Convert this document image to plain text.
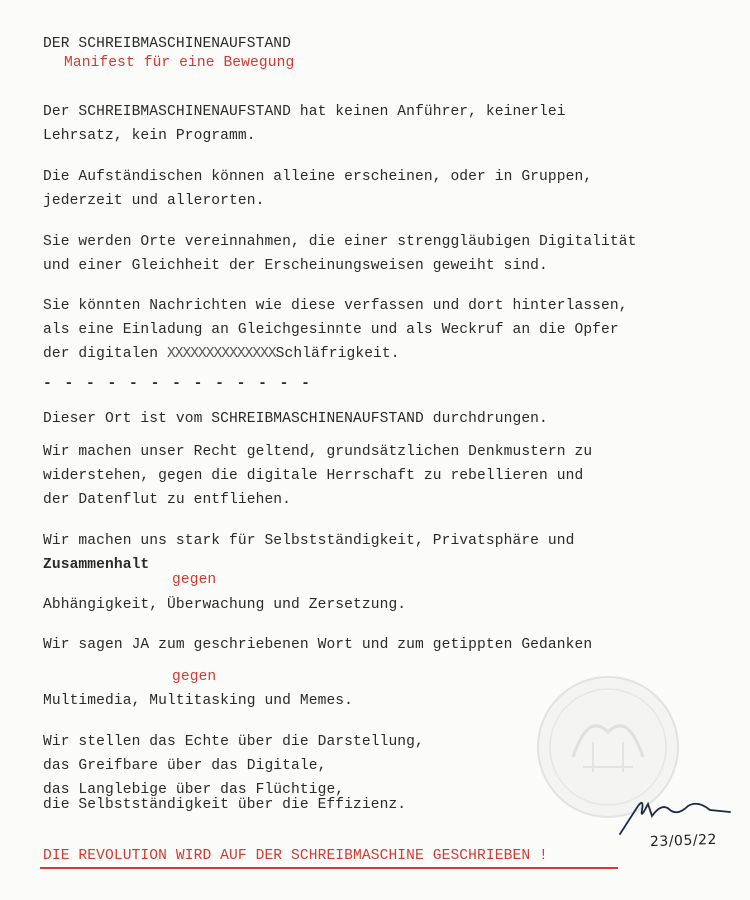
DER SCHREIBMASCHINENAUFSTAND
Manifest für eine Bewegung
Der SCHREIBMASCHINENAUFSTAND hat keinen Anführer, keinerlei
Lehrsatz, kein Programm.
Die Aufständischen können alleine erscheinen, oder in Gruppen,
jederzeit und allerorten.
Sie werden Orte vereinnahmen, die einer strenggläubigen Digitalität
und einer Gleichheit der Erscheinungsweisen geweiht sind.
Sie könnten Nachrichten wie diese verfassen und dort hinterlassen,
als eine Einladung an Gleichgesinnte und als Weckruf an die Opfer
der digitalen XXXXXXXXXXXXXXSchläfrigkeit.
- - - - - - - - - - - - -
Dieser Ort ist vom SCHREIBMASCHINENAUFSTAND durchdrungen.
Wir machen unser Recht geltend, grundsätzlichen Denkmustern zu
widerstehen, gegen die digitale Herrschaft zu rebellieren und
der Datenflut zu entfliehen.
Wir machen uns stark für Selbstständigkeit, Privatsphäre und
Zusammenhalt
gegen
Abhängigkeit, Überwachung und Zersetzung.
Wir sagen JA zum geschriebenen Wort und zum getippten Gedanken
gegen
Multimedia, Multitasking und Memes.
Wir stellen das Echte über die Darstellung,
das Greifbare über das Digitale,
das Langlebige über das Flüchtige,
die Selbstständigkeit über die Effizienz.
23/05/22
DIE REVOLUTION WIRD AUF DER SCHREIBMASCHINE GESCHRIEBEN !
